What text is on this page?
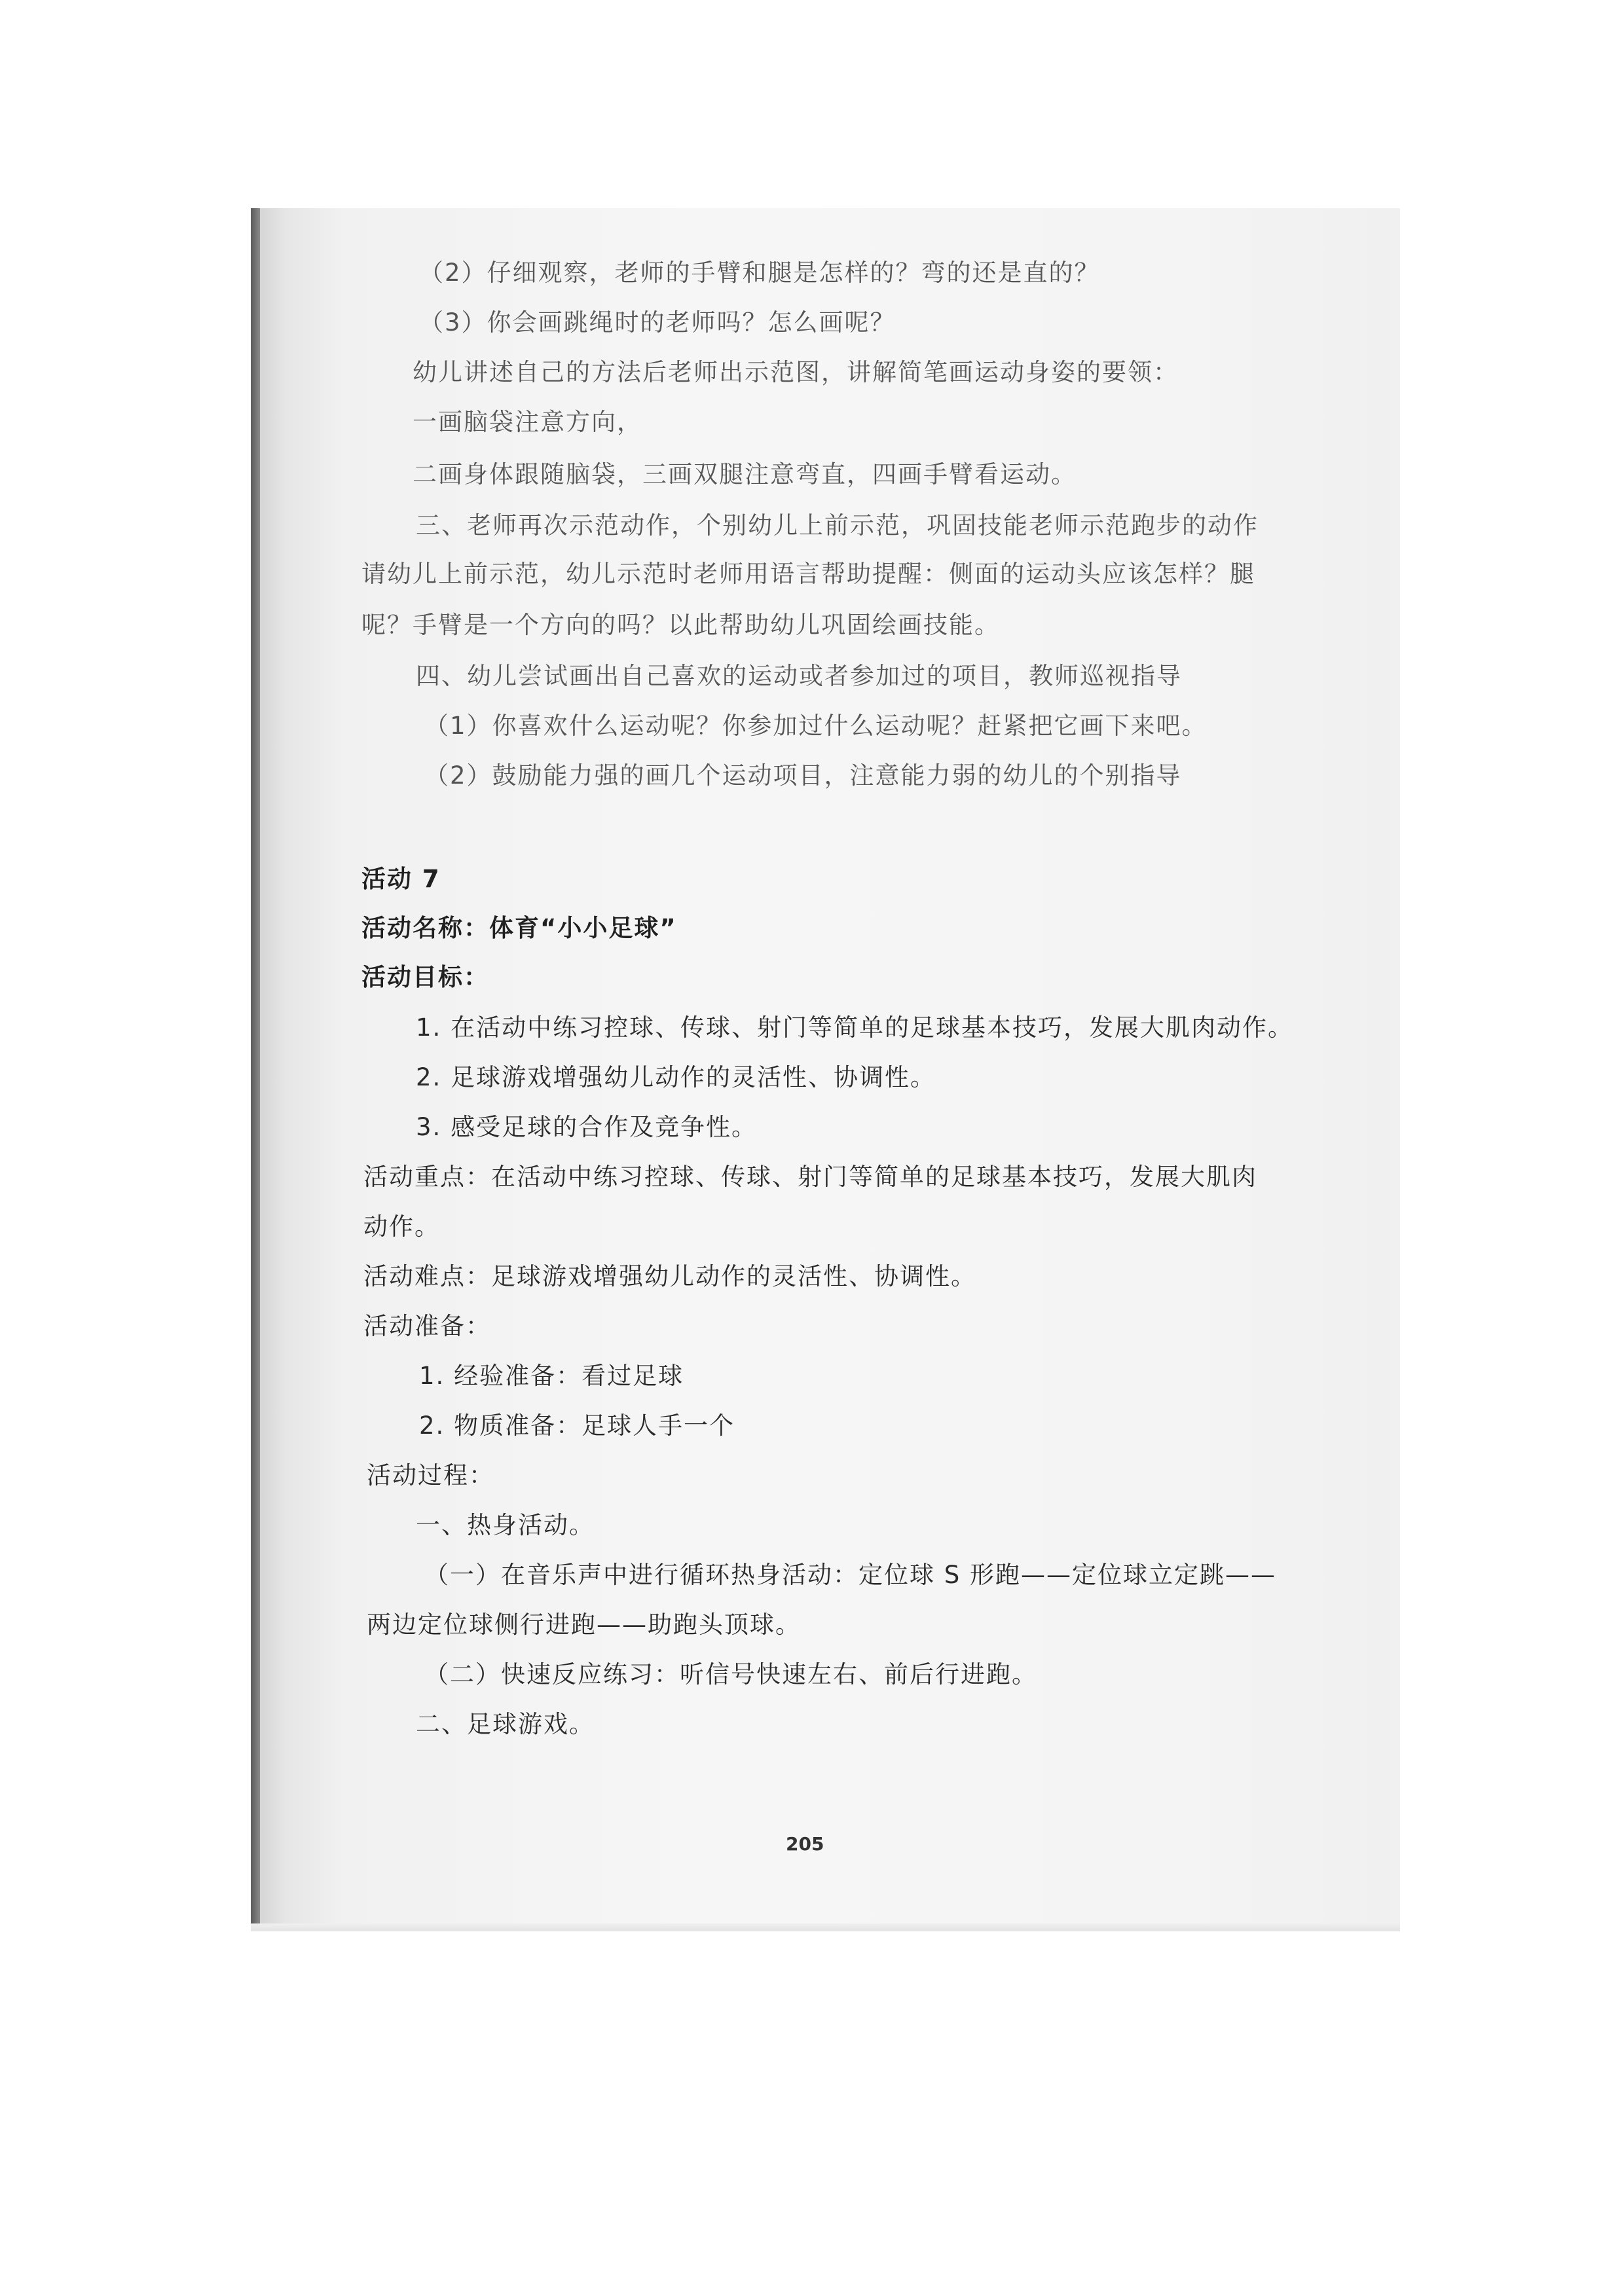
（2）仔细观察，老师的手臂和腿是怎样的？弯的还是直的？
（3）你会画跳绳时的老师吗？怎么画呢？
幼儿讲述自己的方法后老师出示范图，讲解简笔画运动身姿的要领：
一画脑袋注意方向，
二画身体跟随脑袋，三画双腿注意弯直，四画手臂看运动。
三、老师再次示范动作，个别幼儿上前示范，巩固技能老师示范跑步的动作
请幼儿上前示范，幼儿示范时老师用语言帮助提醒：侧面的运动头应该怎样？腿
呢？手臂是一个方向的吗？以此帮助幼儿巩固绘画技能。
四、幼儿尝试画出自己喜欢的运动或者参加过的项目，教师巡视指导
（1）你喜欢什么运动呢？你参加过什么运动呢？赶紧把它画下来吧。
（2）鼓励能力强的画几个运动项目，注意能力弱的幼儿的个别指导
活动 7
活动名称：体育“小小足球”
活动目标：
1. 在活动中练习控球、传球、射门等简单的足球基本技巧，发展大肌肉动作。
2. 足球游戏增强幼儿动作的灵活性、协调性。
3. 感受足球的合作及竞争性。
活动重点：在活动中练习控球、传球、射门等简单的足球基本技巧，发展大肌肉
动作。
活动难点：足球游戏增强幼儿动作的灵活性、协调性。
活动准备：
1. 经验准备：看过足球
2. 物质准备：足球人手一个
活动过程：
一、热身活动。
（一）在音乐声中进行循环热身活动：定位球 S 形跑——定位球立定跳——
两边定位球侧行进跑——助跑头顶球。
（二）快速反应练习：听信号快速左右、前后行进跑。
二、足球游戏。
205
